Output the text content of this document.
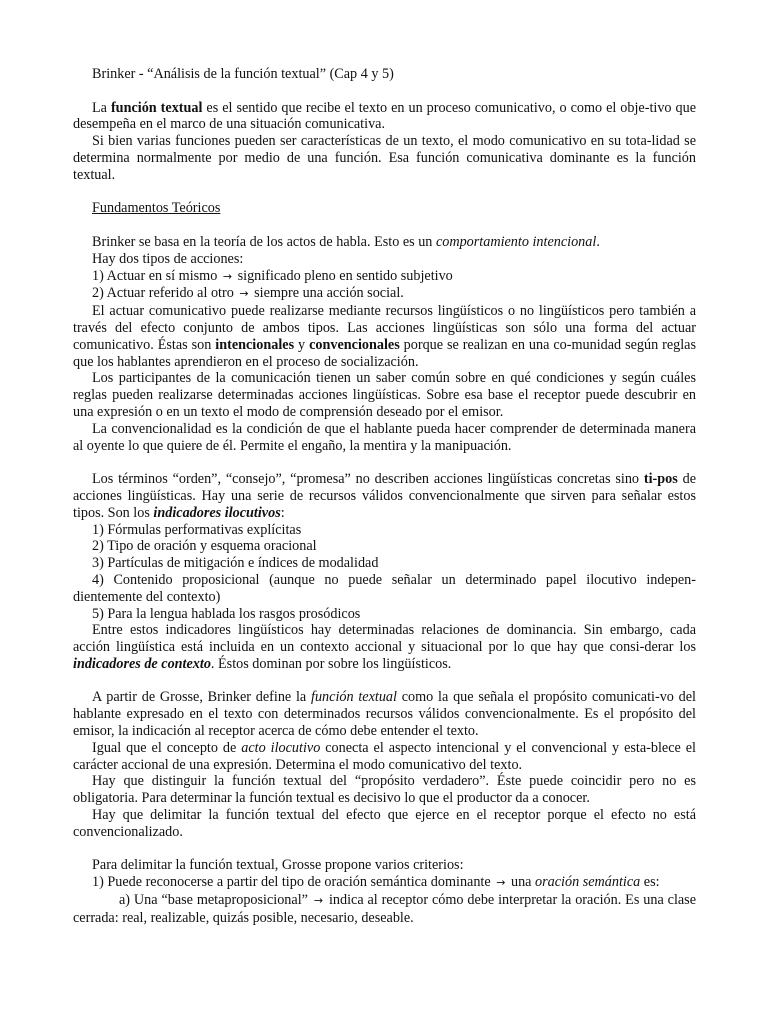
Brinker - “Análisis de la función textual” (Cap 4 y 5)

La función textual es el sentido que recibe el texto en un proceso comunicativo, o como el obje-tivo que desempeña en el marco de una situación comunicativa.

Si bien varias funciones pueden ser características de un texto, el modo comunicativo en su tota-lidad se determina normalmente por medio de una función. Esa función comunicativa dominante es la función textual.

Fundamentos Teóricos

Brinker se basa en la teoría de los actos de habla. Esto es un comportamiento intencional.

Hay dos tipos de acciones:

1) Actuar en sí mismo → significado pleno en sentido subjetivo

2) Actuar referido al otro → siempre una acción social.

El actuar comunicativo puede realizarse mediante recursos lingüísticos o no lingüísticos pero también a través del efecto conjunto de ambos tipos. Las acciones lingüísticas son sólo una forma del actuar comunicativo. Éstas son intencionales y convencionales porque se realizan en una co-munidad según reglas que los hablantes aprendieron en el proceso de socialización.

Los participantes de la comunicación tienen un saber común sobre en qué condiciones y según cuáles reglas pueden realizarse determinadas acciones lingüísticas. Sobre esa base el receptor puede descubrir en una expresión o en un texto el modo de comprensión deseado por el emisor.

La convencionalidad es la condición de que el hablante pueda hacer comprender de determinada manera al oyente lo que quiere de él. Permite el engaño, la mentira y la manipuación.

Los términos “orden”, “consejo”, “promesa” no describen acciones lingüísticas concretas sino ti-pos de acciones lingüísticas. Hay una serie de recursos válidos convencionalmente que sirven para señalar estos tipos. Son los indicadores ilocutivos:

1) Fórmulas performativas explícitas

2) Tipo de oración y esquema oracional

3) Partículas de mitigación e índices de modalidad

4) Contenido proposicional (aunque no puede señalar un determinado papel ilocutivo indepen-dientemente del contexto)

5) Para la lengua hablada los rasgos prosódicos

Entre estos indicadores lingüísticos hay determinadas relaciones de dominancia. Sin embargo, cada acción lingüística está incluida en un contexto accional y situacional por lo que hay que consi-derar los indicadores de contexto. Éstos dominan por sobre los lingüísticos.

A partir de Grosse, Brinker define la función textual como la que señala el propósito comunicati-vo del hablante expresado en el texto con determinados recursos válidos convencionalmente. Es el propósito del emisor, la indicación al receptor acerca de cómo debe entender el texto.

Igual que el concepto de acto ilocutivo conecta el aspecto intencional y el convencional y esta-blece el carácter accional de una expresión. Determina el modo comunicativo del texto.

Hay que distinguir la función textual del “propósito verdadero”. Éste puede coincidir pero no es obligatoria. Para determinar la función textual es decisivo lo que el productor da a conocer.

Hay que delimitar la función textual del efecto que ejerce en el receptor porque el efecto no está convencionalizado.

Para delimitar la función textual, Grosse propone varios criterios:

1) Puede reconocerse a partir del tipo de oración semántica dominante → una oración semántica es:

a) Una “base metaproposicional” → indica al receptor cómo debe interpretar la oración. Es una clase cerrada: real, realizable, quizás posible, necesario, deseable.
